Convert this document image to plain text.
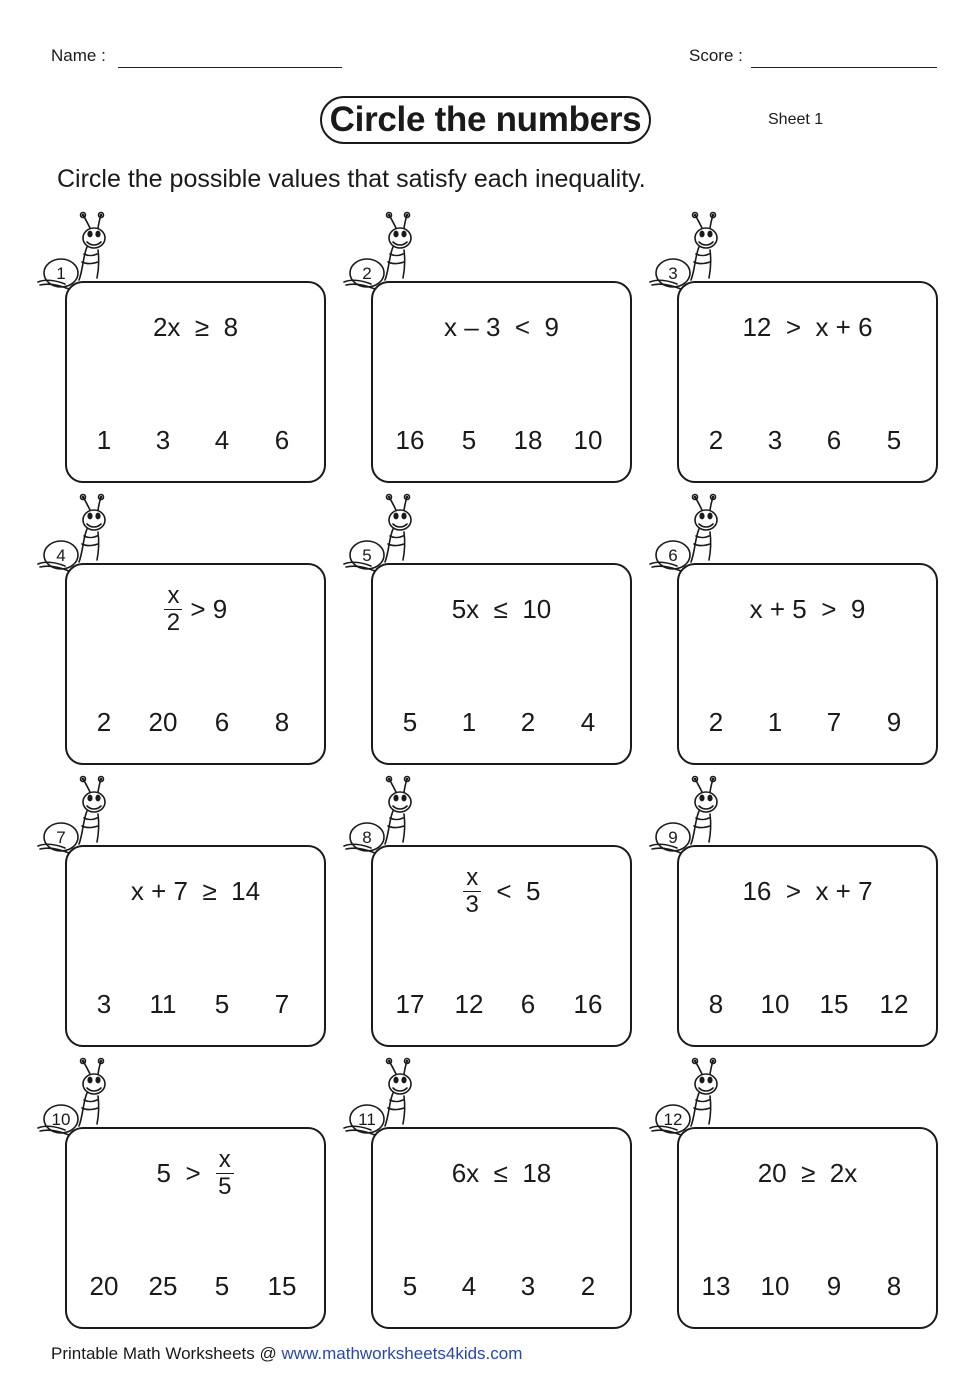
Name :	Score :
Circle the numbers	Sheet 1
Circle the possible values that satisfy each inequality.
1
2x  ≥  8
1	3	4	6
2
x – 3  <  9
16	5	18	10
3
12  >  x + 6
2	3	6	5
4
$\frac{x}{2} > 9$
2	20	6	8
5
5x  ≤  10
5	1	2	4
6
x + 5  >  9
2	1	7	9
7
x + 7  ≥  14
3	11	5	7
8
$\frac{x}{3} < 5$
17	12	6	16
9
16  >  x + 7
8	10	15	12
10
$5 > \frac{x}{5}$
20	25	5	15
11
6x  ≤  18
5	4	3	2
12
20  ≥  2x
13	10	9	8
Printable Math Worksheets @ www.mathworksheets4kids.com
